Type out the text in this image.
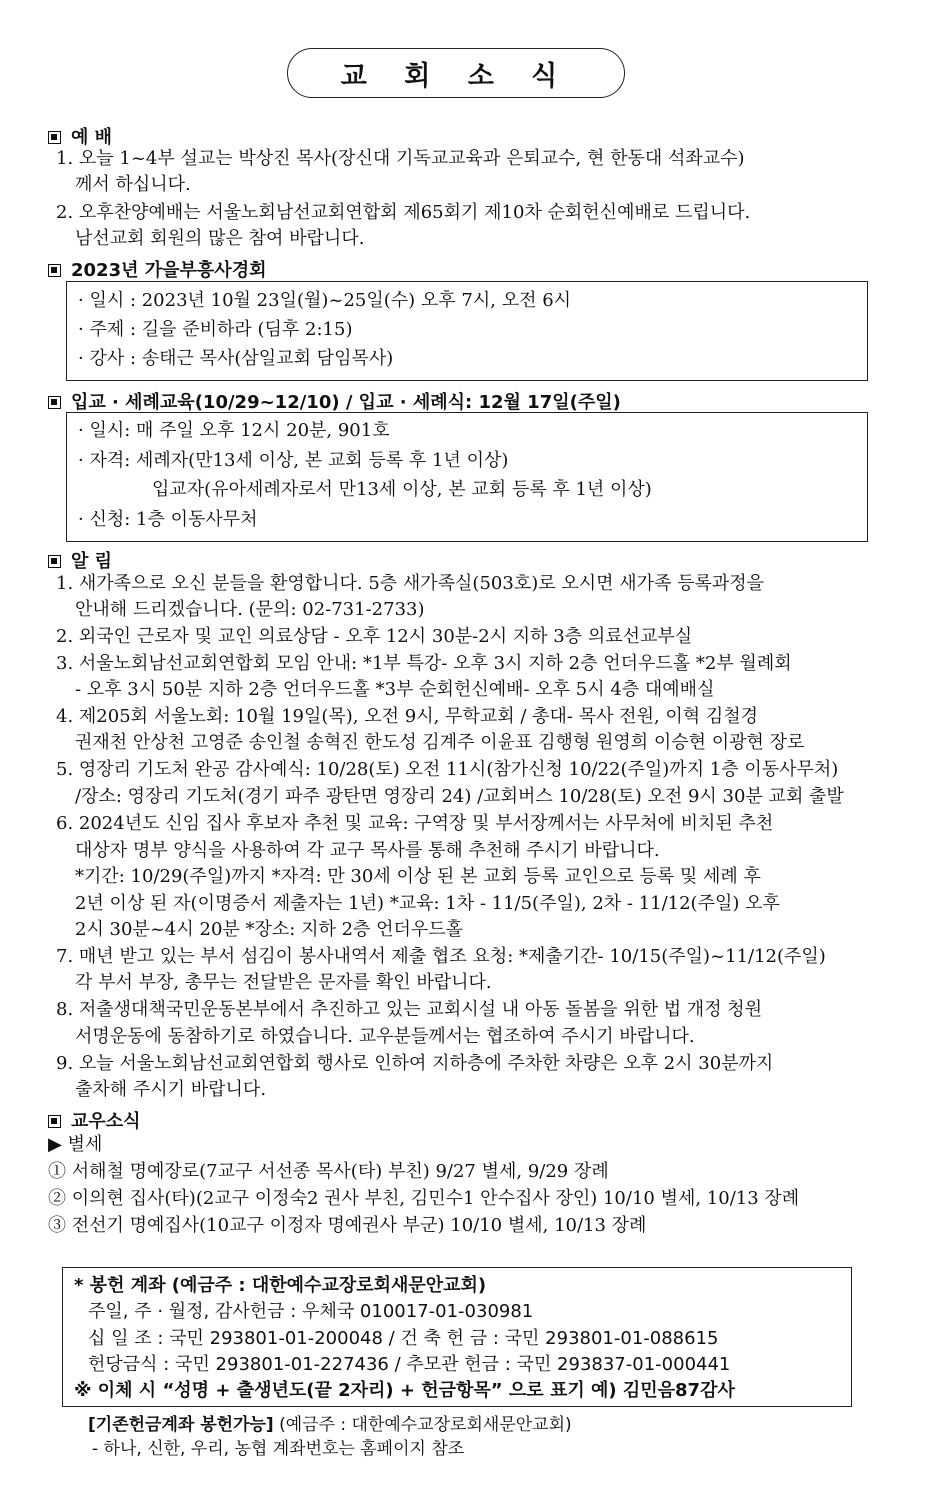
교 회 소 식
예 배
1. 오늘 1~4부 설교는 박상진 목사(장신대 기독교교육과 은퇴교수, 현 한동대 석좌교수)
께서 하십니다.
2. 오후찬양예배는 서울노회남선교회연합회 제65회기 제10차 순회헌신예배로 드립니다.
남선교회 회원의 많은 참여 바랍니다.
2023년 가을부흥사경회
· 일시 : 2023년 10월 23일(월)~25일(수) 오후 7시, 오전 6시
· 주제 : 길을 준비하라 (딤후 2:15)
· 강사 : 송태근 목사(삼일교회 담임목사)
입교 · 세례교육(10/29~12/10) / 입교 · 세례식: 12월 17일(주일)
· 일시: 매 주일 오후 12시 20분, 901호
· 자격: 세례자(만13세 이상, 본 교회 등록 후 1년 이상)
입교자(유아세례자로서 만13세 이상, 본 교회 등록 후 1년 이상)
· 신청: 1층 이동사무처
알 림
1. 새가족으로 오신 분들을 환영합니다. 5층 새가족실(503호)로 오시면 새가족 등록과정을
안내해 드리겠습니다. (문의: 02-731-2733)
2. 외국인 근로자 및 교인 의료상담 - 오후 12시 30분-2시 지하 3층 의료선교부실
3. 서울노회남선교회연합회 모임 안내: *1부 특강- 오후 3시 지하 2층 언더우드홀 *2부 월례회
- 오후 3시 50분 지하 2층 언더우드홀 *3부 순회헌신예배- 오후 5시 4층 대예배실
4. 제205회 서울노회: 10월 19일(목), 오전 9시, 무학교회 / 총대- 목사 전원, 이혁 김철경
권재천 안상천 고영준 송인철 송혁진 한도성 김계주 이윤표 김행형 원영희 이승현 이광현 장로
5. 영장리 기도처 완공 감사예식: 10/28(토) 오전 11시(참가신청 10/22(주일)까지 1층 이동사무처)
/장소: 영장리 기도처(경기 파주 광탄면 영장리 24) /교회버스 10/28(토) 오전 9시 30분 교회 출발
6. 2024년도 신임 집사 후보자 추천 및 교육: 구역장 및 부서장께서는 사무처에 비치된 추천
대상자 명부 양식을 사용하여 각 교구 목사를 통해 추천해 주시기 바랍니다.
*기간: 10/29(주일)까지 *자격: 만 30세 이상 된 본 교회 등록 교인으로 등록 및 세례 후
2년 이상 된 자(이명증서 제출자는 1년) *교육: 1차 - 11/5(주일), 2차 - 11/12(주일) 오후
2시 30분~4시 20분 *장소: 지하 2층 언더우드홀
7. 매년 받고 있는 부서 섬김이 봉사내역서 제출 협조 요청: *제출기간- 10/15(주일)~11/12(주일)
각 부서 부장, 총무는 전달받은 문자를 확인 바랍니다.
8. 저출생대책국민운동본부에서 추진하고 있는 교회시설 내 아동 돌봄을 위한 법 개정 청원
서명운동에 동참하기로 하였습니다. 교우분들께서는 협조하여 주시기 바랍니다.
9. 오늘 서울노회남선교회연합회 행사로 인하여 지하층에 주차한 차량은 오후 2시 30분까지
출차해 주시기 바랍니다.
교우소식
▶ 별세
① 서해철 명예장로(7교구 서선종 목사(타) 부친) 9/27 별세, 9/29 장례
② 이의현 집사(타)(2교구 이정숙2 권사 부친, 김민수1 안수집사 장인) 10/10 별세, 10/13 장례
③ 전선기 명예집사(10교구 이정자 명예권사 부군) 10/10 별세, 10/13 장례
* 봉헌 계좌 (예금주 : 대한예수교장로회새문안교회)
주일, 주 · 월정, 감사헌금 : 우체국 010017-01-030981
십 일 조 : 국민 293801-01-200048 / 건 축 헌 금 : 국민 293801-01-088615
헌당금식 : 국민 293801-01-227436 / 추모관 헌금 : 국민 293837-01-000441
※ 이체 시 “성명 + 출생년도(끝 2자리) + 헌금항목” 으로 표기 예) 김민음87감사
[기존헌금계좌 봉헌가능] (예금주 : 대한예수교장로회새문안교회)
- 하나, 신한, 우리, 농협 계좌번호는 홈페이지 참조
